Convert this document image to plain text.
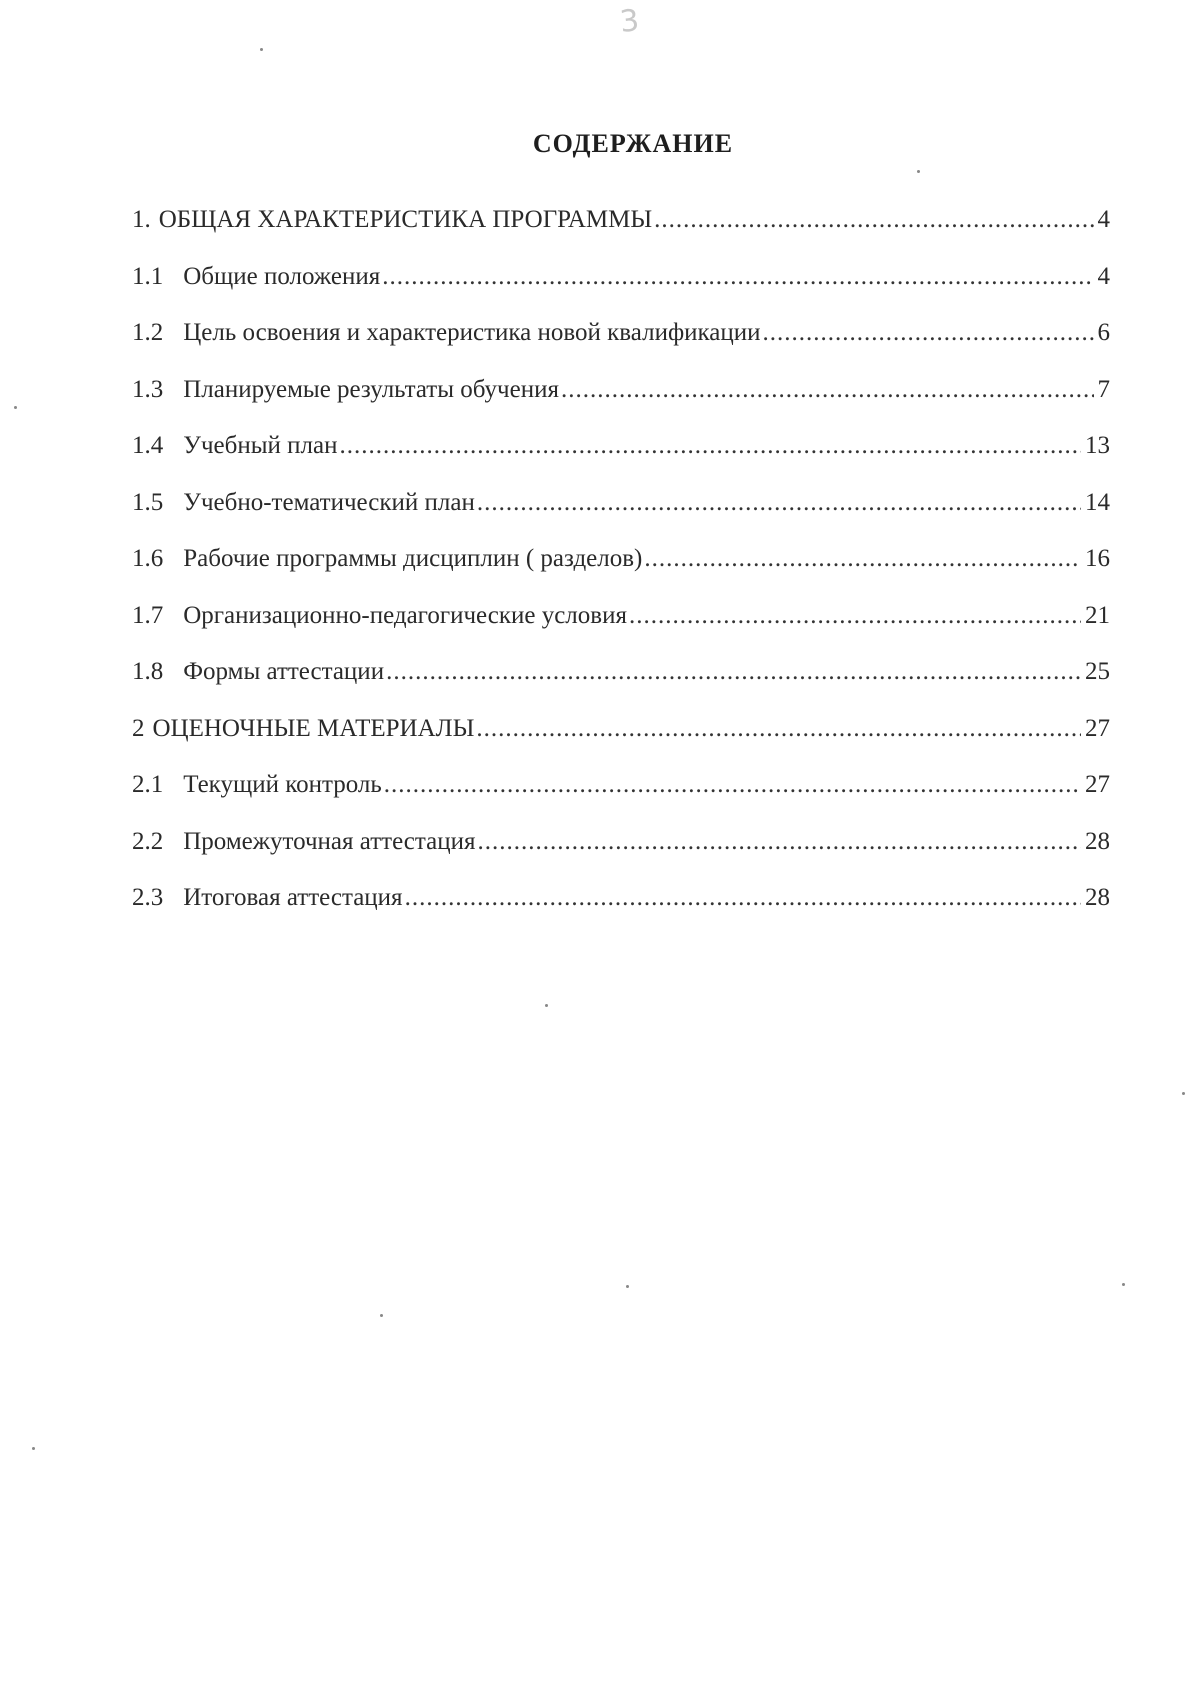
3
СОДЕРЖАНИЕ
1. ОБЩАЯ ХАРАКТЕРИСТИКА ПРОГРАММЫ .....	4
1.1 Общие положения .....	4
1.2 Цель освоения и характеристика новой квалификации .....	6
1.3 Планируемые результаты обучения .....	7
1.4 Учебный план .....	13
1.5 Учебно-тематический план .....	14
1.6 Рабочие программы дисциплин ( разделов) .....	16
1.7 Организационно-педагогические условия .....	21
1.8 Формы аттестации .....	25
2 ОЦЕНОЧНЫЕ МАТЕРИАЛЫ .....	27
2.1 Текущий контроль .....	27
2.2 Промежуточная аттестация .....	28
2.3 Итоговая аттестация .....	28
